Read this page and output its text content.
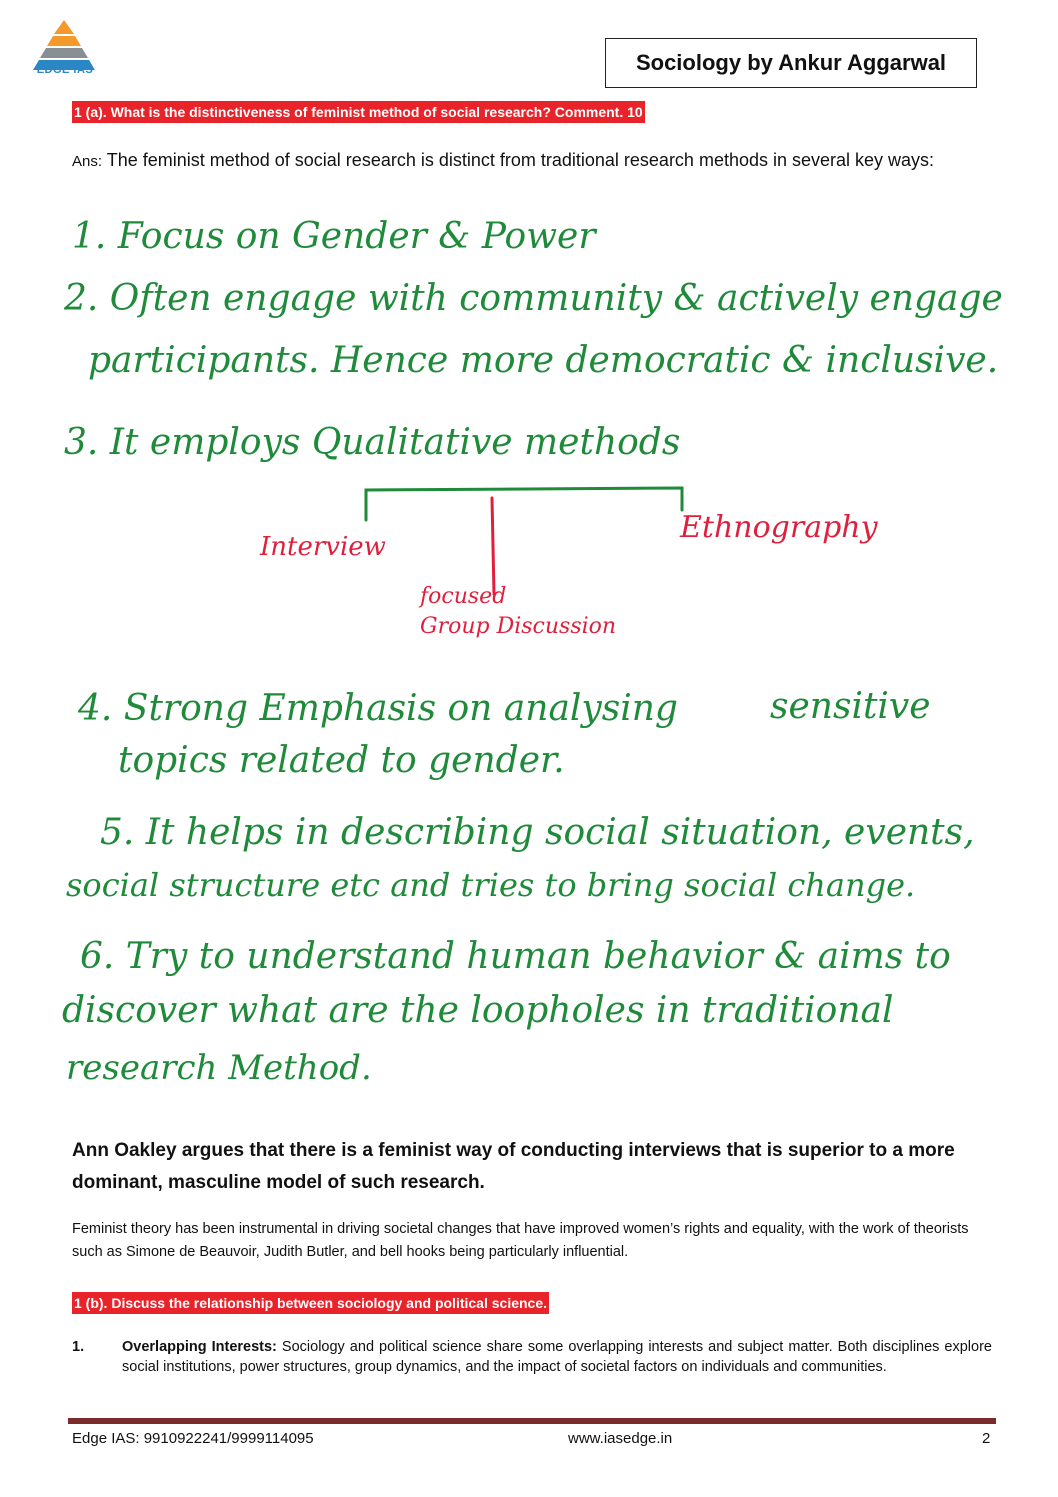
EDGE IAS	Sociology by Ankur Aggarwal
1 (a). What is the distinctiveness of feminist method of social research? Comment. 10
Ans: The feminist method of social research is distinct from traditional research methods in several key ways:
1. Focus on Gender & Power
2. Often engage with community & actively engage
participants. Hence more democratic & inclusive.
3. It employs Qualitative methods
Interview
Ethnography
focused
Group Discussion
4. Strong Emphasis on analysing	sensitive
topics related to gender.
5. It helps in describing social situation, events,
social structure etc and tries to bring social change.
6. Try to understand human behavior & aims to
discover what are the loopholes in traditional
research Method.
Ann Oakley argues that there is a feminist way of conducting interviews that is superior to a more dominant, masculine model of such research.
Feminist theory has been instrumental in driving societal changes that have improved women’s rights and equality, with the work of theorists such as Simone de Beauvoir, Judith Butler, and bell hooks being particularly influential.
1 (b). Discuss the relationship between sociology and political science.
1.	Overlapping Interests: Sociology and political science share some overlapping interests and subject matter. Both disciplines explore social institutions, power structures, group dynamics, and the impact of societal factors on individuals and communities.
Edge IAS: 9910922241/9999114095	www.iasedge.in	2
